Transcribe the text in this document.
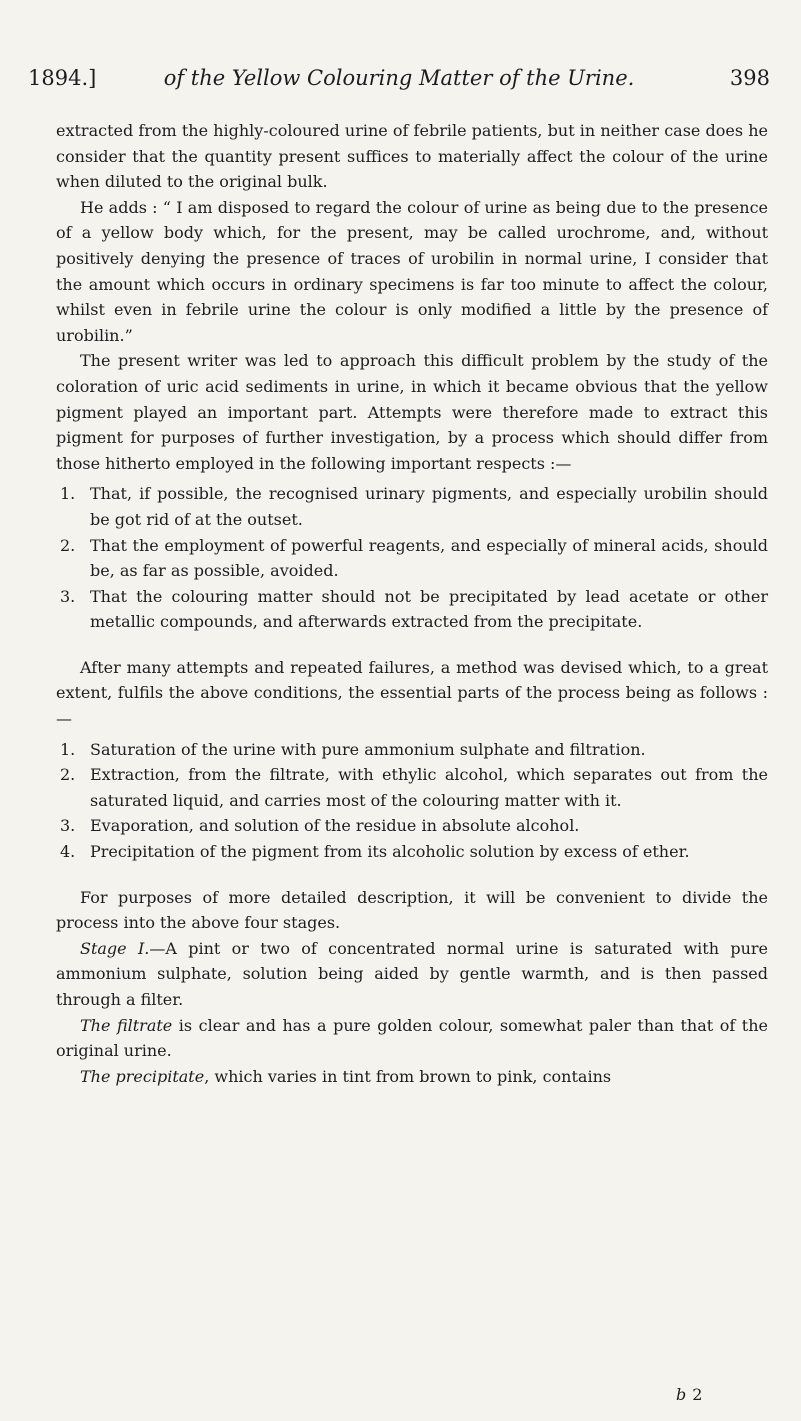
1894.]	of the Yellow Colouring Matter of the Urine.	398

extracted from the highly-coloured urine of febrile patients, but in neither case does he consider that the quantity present suffices to materially affect the colour of the urine when diluted to the original bulk.

He adds : “ I am disposed to regard the colour of urine as being due to the presence of a yellow body which, for the present, may be called urochrome, and, without positively denying the presence of traces of urobilin in normal urine, I consider that the amount which occurs in ordinary specimens is far too minute to affect the colour, whilst even in febrile urine the colour is only modified a little by the presence of urobilin.”

The present writer was led to approach this difficult problem by the study of the coloration of uric acid sediments in urine, in which it became obvious that the yellow pigment played an important part. Attempts were therefore made to extract this pigment for purposes of further investigation, by a process which should differ from those hitherto employed in the following important respects :—

1. That, if possible, the recognised urinary pigments, and especially urobilin should be got rid of at the outset.
2. That the employment of powerful reagents, and especially of mineral acids, should be, as far as possible, avoided.
3. That the colouring matter should not be precipitated by lead acetate or other metallic compounds, and afterwards extracted from the precipitate.

After many attempts and repeated failures, a method was devised which, to a great extent, fulfils the above conditions, the essential parts of the process being as follows :—

1. Saturation of the urine with pure ammonium sulphate and filtration.
2. Extraction, from the filtrate, with ethylic alcohol, which separates out from the saturated liquid, and carries most of the colouring matter with it.
3. Evaporation, and solution of the residue in absolute alcohol.
4. Precipitation of the pigment from its alcoholic solution by excess of ether.

For purposes of more detailed description, it will be convenient to divide the process into the above four stages.

Stage I.—A pint or two of concentrated normal urine is saturated with pure ammonium sulphate, solution being aided by gentle warmth, and is then passed through a filter.

The filtrate is clear and has a pure golden colour, somewhat paler than that of the original urine.

The precipitate, which varies in tint from brown to pink, contains

b2
